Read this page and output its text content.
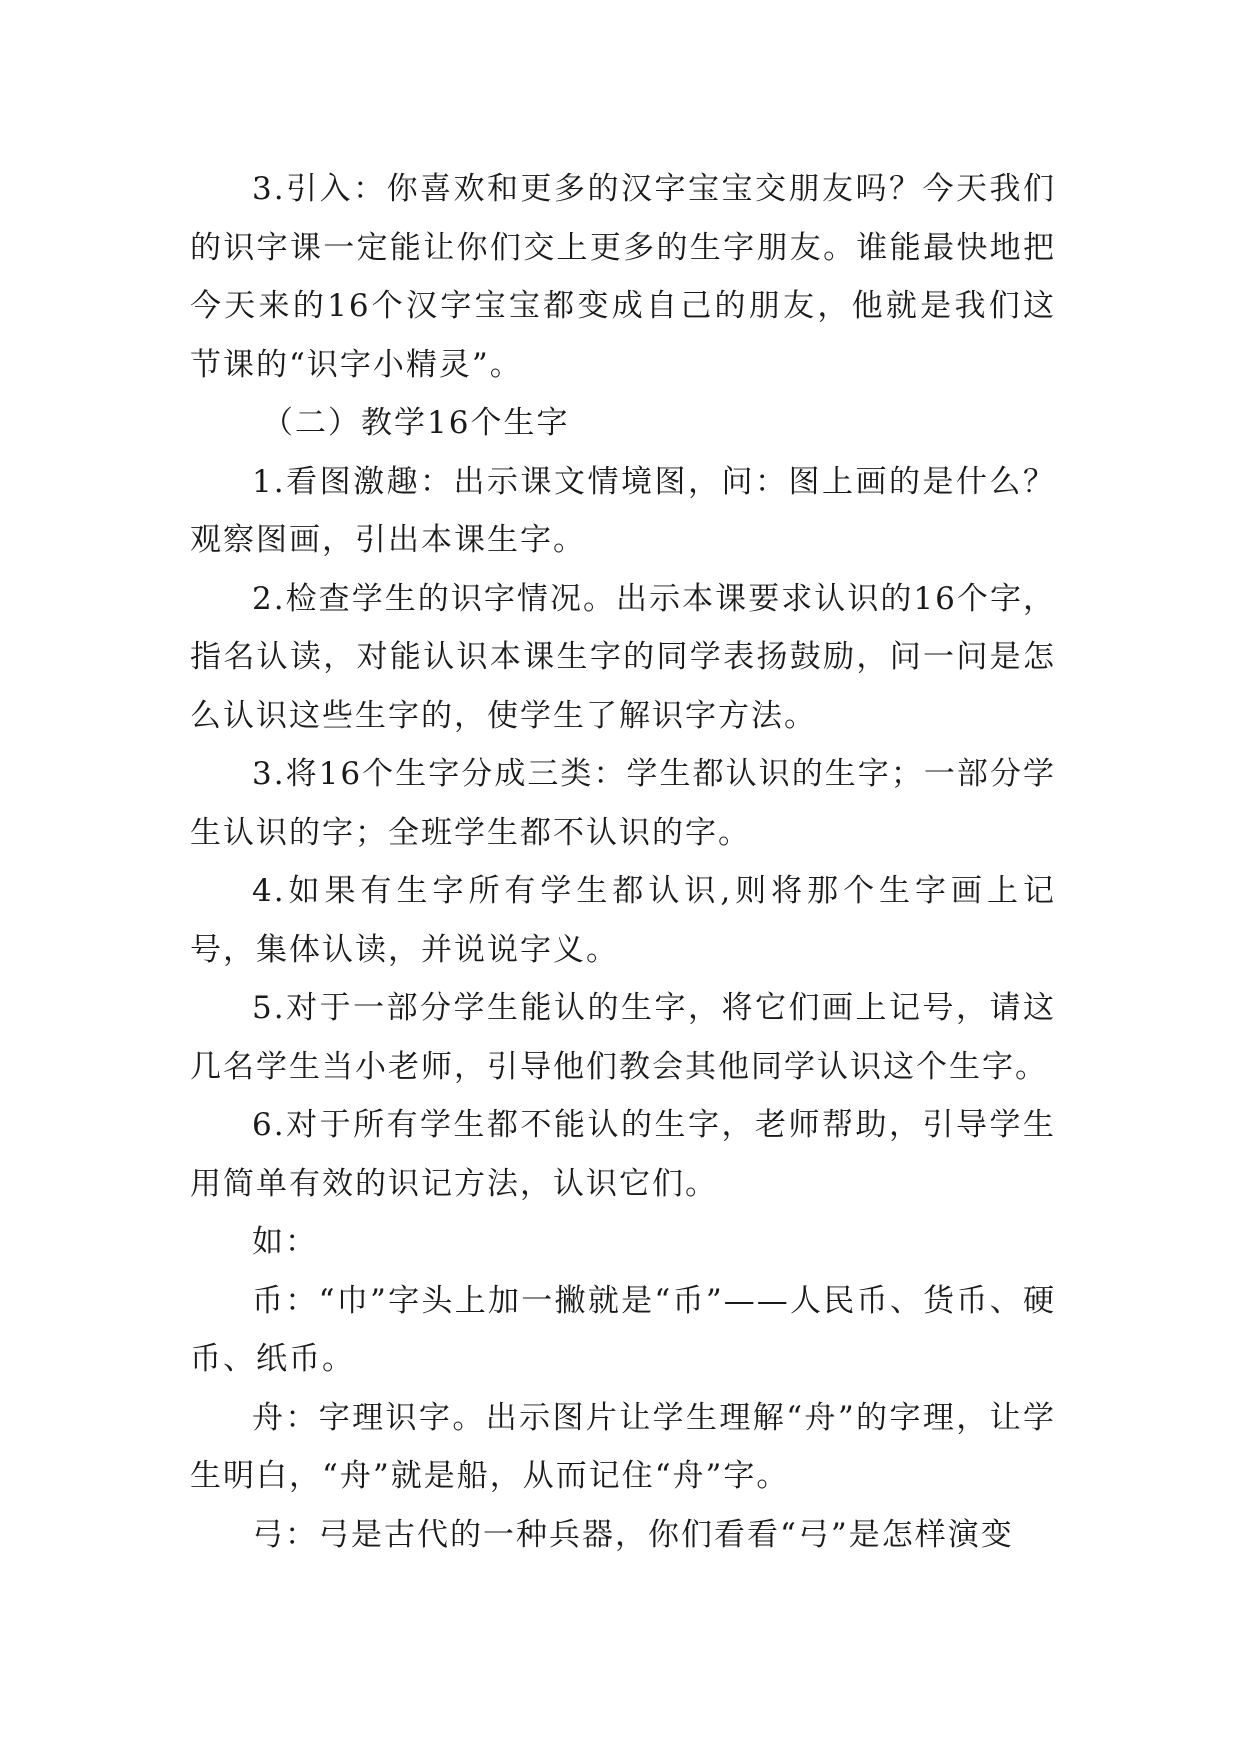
3.引入：你喜欢和更多的汉字宝宝交朋友吗？今天我们的识字课一定能让你们交上更多的生字朋友。谁能最快地把今天来的16个汉字宝宝都变成自己的朋友，他就是我们这节课的“识字小精灵”。

（二）教学16个生字

1.看图激趣：出示课文情境图，问：图上画的是什么？观察图画，引出本课生字。

2.检查学生的识字情况。出示本课要求认识的16个字，指名认读，对能认识本课生字的同学表扬鼓励，问一问是怎么认识这些生字的，使学生了解识字方法。

3.将16个生字分成三类：学生都认识的生字；一部分学生认识的字；全班学生都不认识的字。

4.如果有生字所有学生都认识,则将那个生字画上记号，集体认读，并说说字义。

5.对于一部分学生能认的生字，将它们画上记号，请这几名学生当小老师，引导他们教会其他同学认识这个生字。

6.对于所有学生都不能认的生字，老师帮助，引导学生用简单有效的识记方法，认识它们。

如：

币：“巾”字头上加一撇就是“币”——人民币、货币、硬币、纸币。

舟：字理识字。出示图片让学生理解“舟”的字理，让学生明白，“舟”就是船，从而记住“舟”字。

弓：弓是古代的一种兵器，你们看看“弓”是怎样演变
